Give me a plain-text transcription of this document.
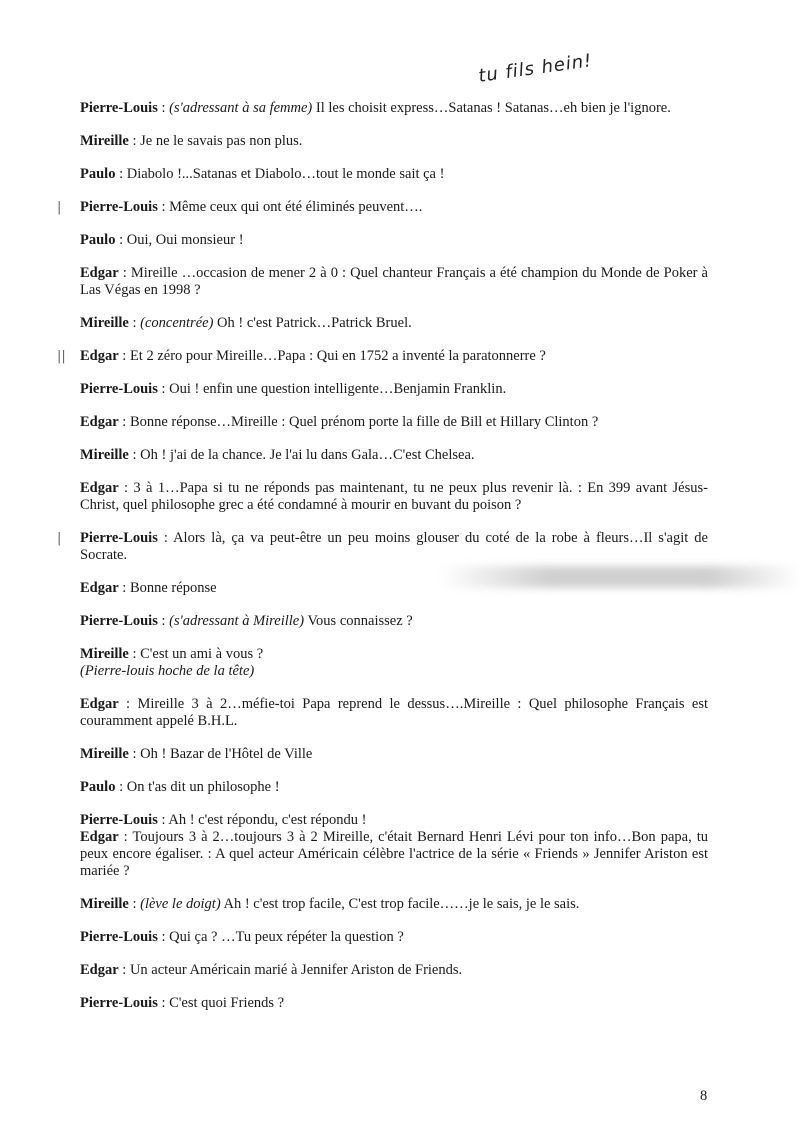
tu fils hein!

Pierre-Louis : (s'adressant à sa femme) Il les choisit express…Satanas ! Satanas…eh bien je l'ignore.

Mireille : Je ne le savais pas non plus.

Paulo : Diabolo !...Satanas et Diabolo…tout le monde sait ça !

| Pierre-Louis : Même ceux qui ont été éliminés peuvent….

Paulo : Oui, Oui monsieur !

Edgar : Mireille …occasion de mener 2 à 0 : Quel chanteur Français a été champion du Monde de Poker à Las Végas en 1998 ?

Mireille : (concentrée) Oh ! c'est Patrick…Patrick Bruel.

|| Edgar : Et 2 zéro pour Mireille…Papa : Qui en 1752 a inventé la paratonnerre ?

Pierre-Louis : Oui ! enfin une question intelligente…Benjamin Franklin.

Edgar : Bonne réponse…Mireille : Quel prénom porte la fille de Bill et Hillary Clinton ?

Mireille : Oh ! j'ai de la chance. Je l'ai lu dans Gala…C'est Chelsea.

Edgar : 3 à 1…Papa si tu ne réponds pas maintenant, tu ne peux plus revenir là. : En 399 avant Jésus-Christ, quel philosophe grec a été condamné à mourir en buvant du poison ?

| Pierre-Louis : Alors là, ça va peut-être un peu moins glouser du coté de la robe à fleurs…Il s'agit de Socrate.

Edgar : Bonne réponse

Pierre-Louis : (s'adressant à Mireille) Vous connaissez ?

Mireille : C'est un ami à vous ?
(Pierre-louis hoche de la tête)

Edgar : Mireille 3 à 2…méfie-toi Papa reprend le dessus….Mireille : Quel philosophe Français est couramment appelé B.H.L.

Mireille : Oh ! Bazar de l'Hôtel de Ville

Paulo : On t'as dit un philosophe !

Pierre-Louis : Ah ! c'est répondu, c'est répondu !

Edgar : Toujours 3 à 2…toujours 3 à 2 Mireille, c'était Bernard Henri Lévi pour ton info…Bon papa, tu peux encore égaliser. : A quel acteur Américain célèbre l'actrice de la série « Friends » Jennifer Ariston est mariée ?

Mireille : (lève le doigt) Ah ! c'est trop facile, C'est trop facile……je le sais, je le sais.

Pierre-Louis : Qui ça ? …Tu peux répéter la question ?

Edgar : Un acteur Américain marié à Jennifer Ariston de Friends.

Pierre-Louis : C'est quoi Friends ?

8
